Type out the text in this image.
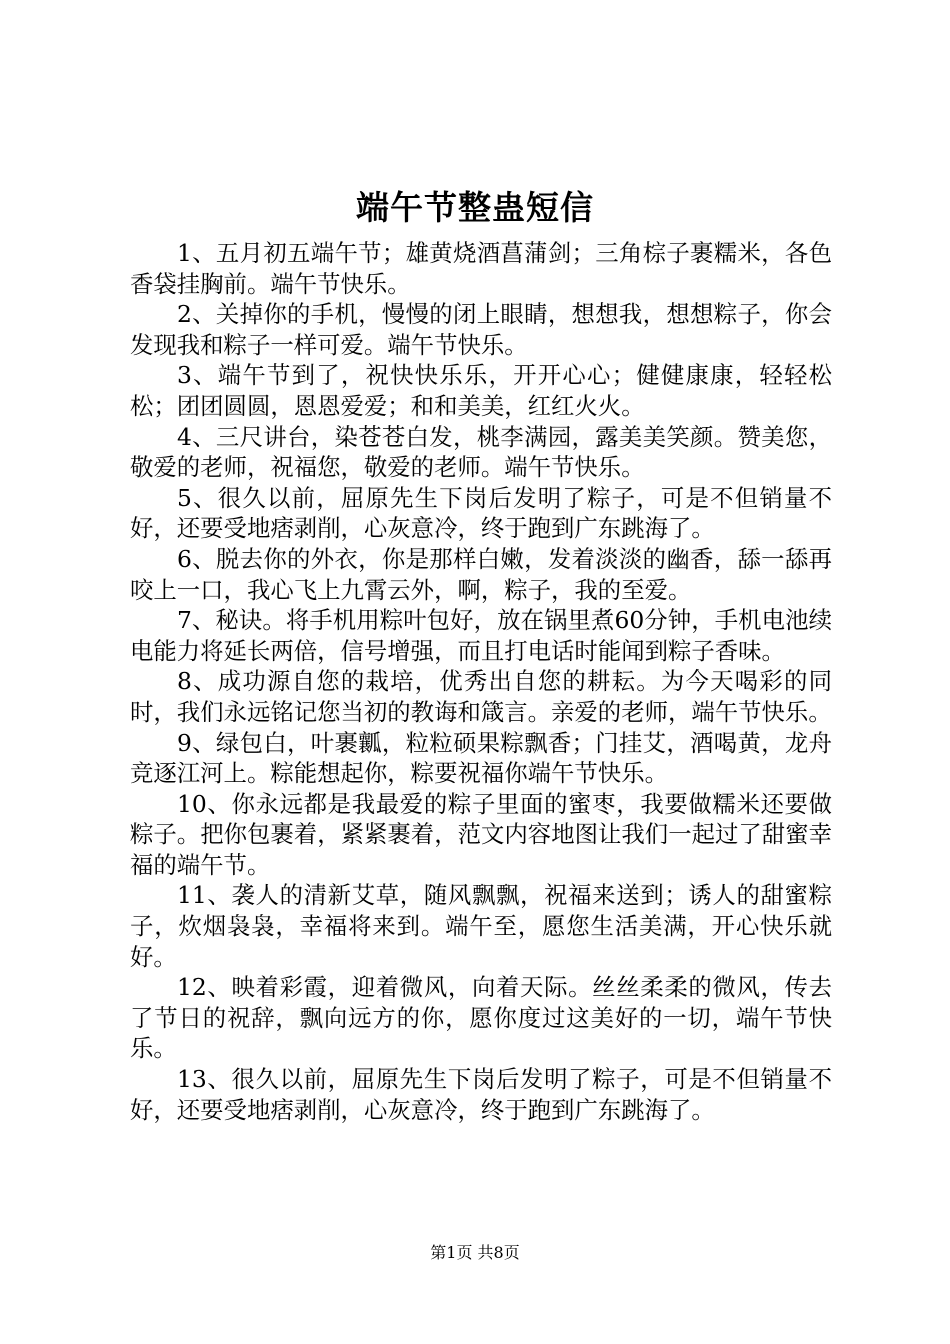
端午节整蛊短信

1、五月初五端午节；雄黄烧酒菖蒲剑；三角棕子裹糯米，各色香袋挂胸前。端午节快乐。

2、关掉你的手机，慢慢的闭上眼睛，想想我，想想粽子，你会发现我和粽子一样可爱。端午节快乐。

3、端午节到了，祝快快乐乐，开开心心；健健康康，轻轻松松；团团圆圆，恩恩爱爱；和和美美，红红火火。

4、三尺讲台，染苍苍白发，桃李满园，露美美笑颜。赞美您，敬爱的老师，祝福您，敬爱的老师。端午节快乐。

5、很久以前，屈原先生下岗后发明了粽子，可是不但销量不好，还要受地痞剥削，心灰意冷，终于跑到广东跳海了。

6、脱去你的外衣，你是那样白嫩，发着淡淡的幽香，舔一舔再咬上一口，我心飞上九霄云外，啊，粽子，我的至爱。

7、秘诀。将手机用粽叶包好，放在锅里煮60分钟，手机电池续电能力将延长两倍，信号增强，而且打电话时能闻到粽子香味。

8、成功源自您的栽培，优秀出自您的耕耘。为今天喝彩的同时，我们永远铭记您当初的教诲和箴言。亲爱的老师，端午节快乐。

9、绿包白，叶裹瓤，粒粒硕果粽飘香；门挂艾，酒喝黄，龙舟竞逐江河上。粽能想起你，粽要祝福你端午节快乐。

10、你永远都是我最爱的粽子里面的蜜枣，我要做糯米还要做粽子。把你包裹着，紧紧裹着，范文内容地图让我们一起过了甜蜜幸福的端午节。

11、袭人的清新艾草，随风飘飘，祝福来送到；诱人的甜蜜粽子，炊烟袅袅，幸福将来到。端午至，愿您生活美满，开心快乐就好。

12、映着彩霞，迎着微风，向着天际。丝丝柔柔的微风，传去了节日的祝辞，飘向远方的你，愿你度过这美好的一切，端午节快乐。

13、很久以前，屈原先生下岗后发明了粽子，可是不但销量不好，还要受地痞剥削，心灰意冷，终于跑到广东跳海了。

第1页 共8页
